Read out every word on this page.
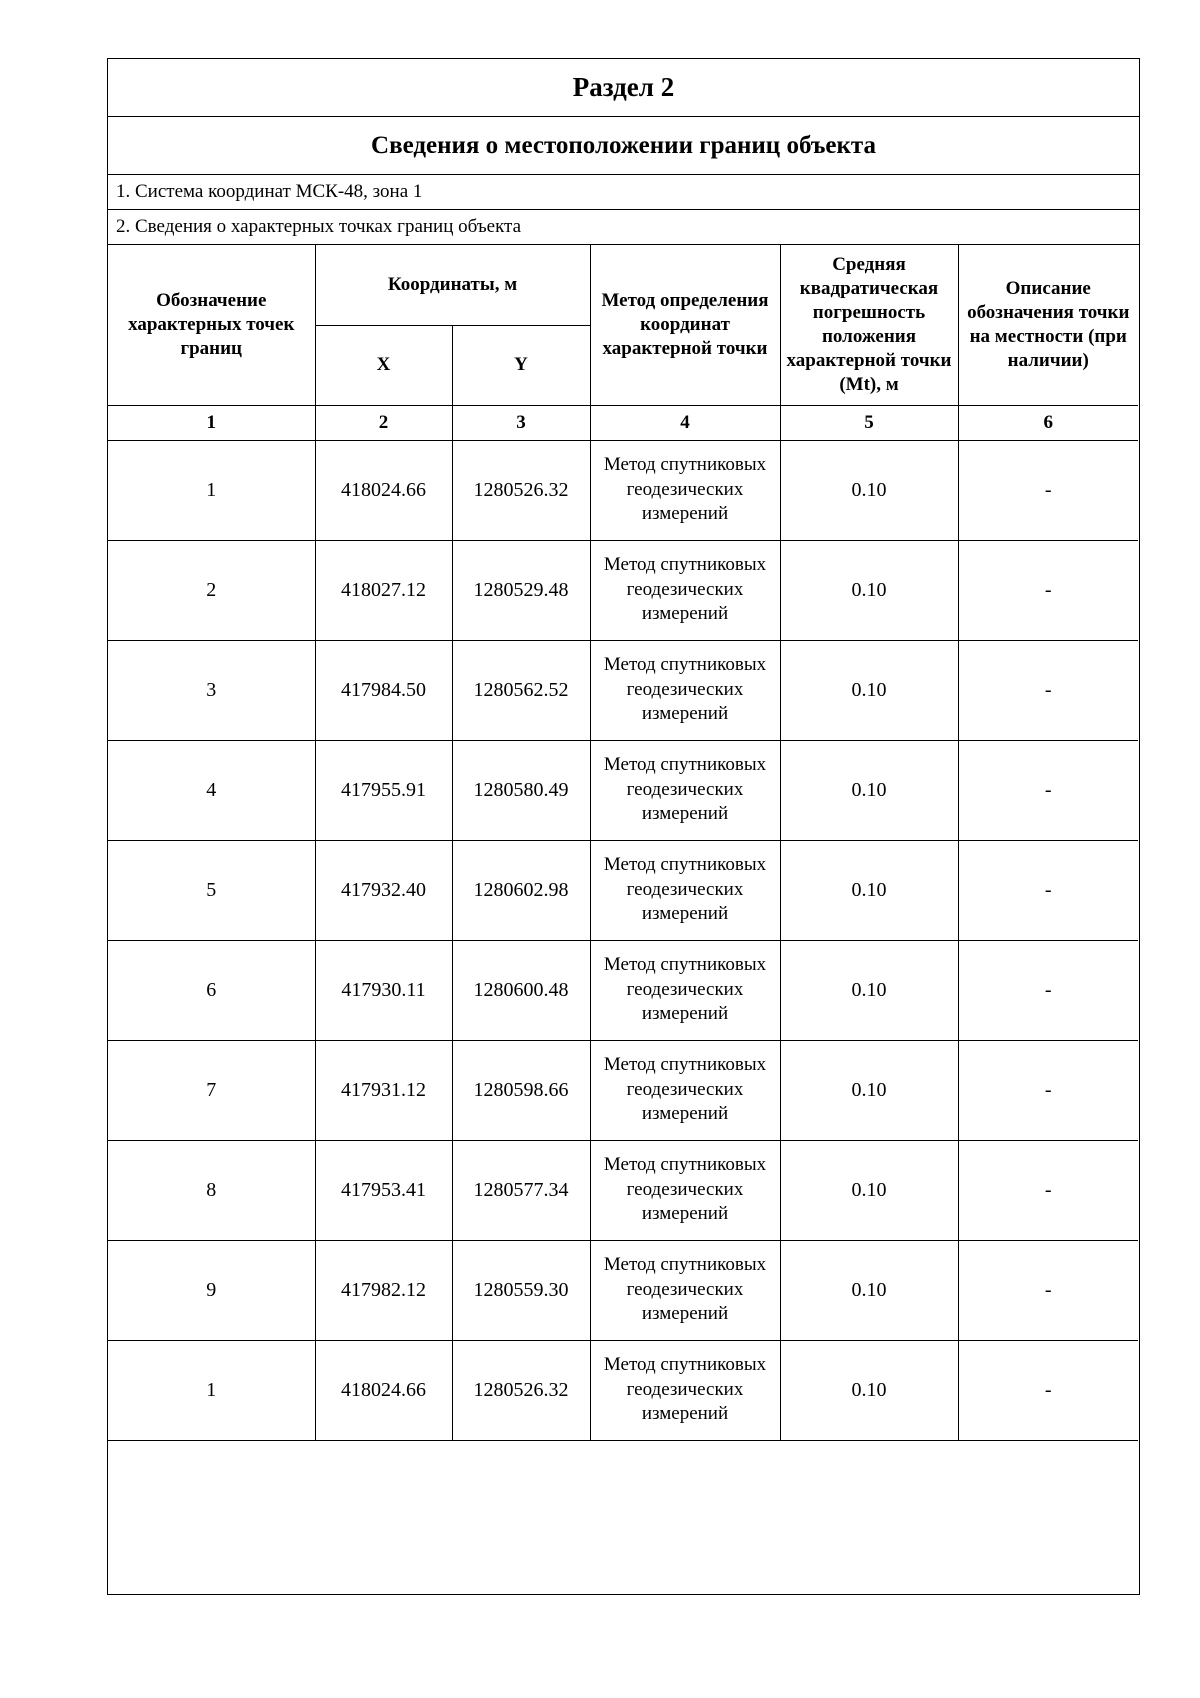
Раздел 2
Сведения о местоположении границ объекта
1. Система координат МСК-48, зона 1
2. Сведения о характерных точках границ объекта
Обозначение характерных точек границ	Координаты, м		Метод определения координат характерной точки	Средняя квадратическая погрешность положения характерной точки (Mt), м	Описание обозначения точки на местности (при наличии)
	X	Y			
1	2	3	4	5	6
1	418024.66	1280526.32	Метод спутниковых геодезических измерений	0.10	-
2	418027.12	1280529.48	Метод спутниковых геодезических измерений	0.10	-
3	417984.50	1280562.52	Метод спутниковых геодезических измерений	0.10	-
4	417955.91	1280580.49	Метод спутниковых геодезических измерений	0.10	-
5	417932.40	1280602.98	Метод спутниковых геодезических измерений	0.10	-
6	417930.11	1280600.48	Метод спутниковых геодезических измерений	0.10	-
7	417931.12	1280598.66	Метод спутниковых геодезических измерений	0.10	-
8	417953.41	1280577.34	Метод спутниковых геодезических измерений	0.10	-
9	417982.12	1280559.30	Метод спутниковых геодезических измерений	0.10	-
1	418024.66	1280526.32	Метод спутниковых геодезических измерений	0.10	-
